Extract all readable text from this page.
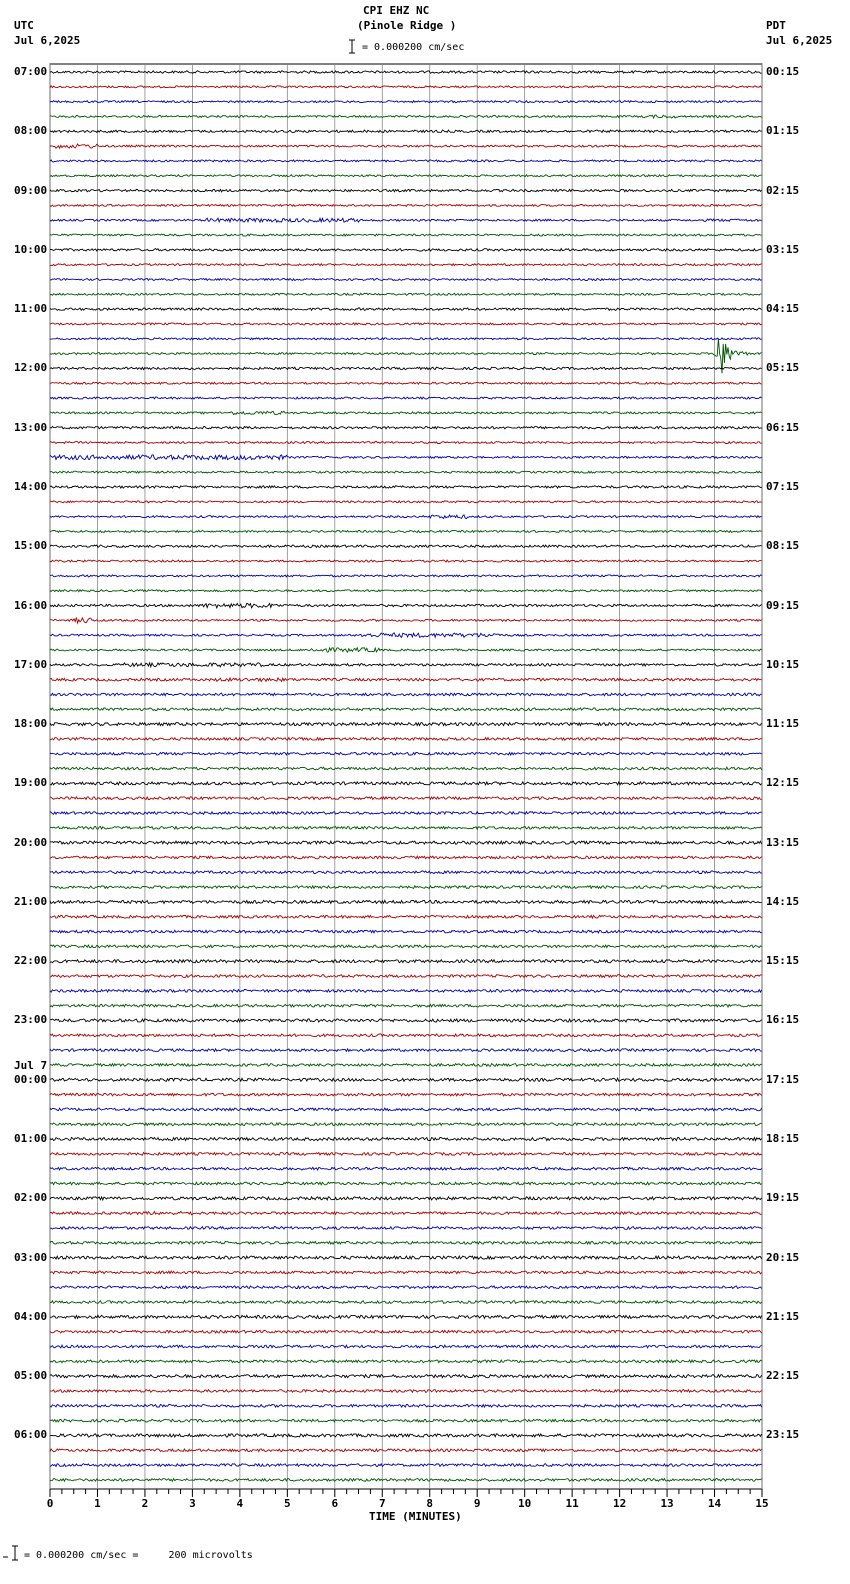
0	1	2	3	4	5	6	7	8	9	10	11	12	13	14	15
CPI EHZ NC
(Pinole Ridge )
= 0.000200 cm/sec
UTC
Jul 6,2025
PDT
Jul 6,2025
07:00
08:00
09:00
10:00
11:00
12:00
13:00
14:00
15:00
16:00
17:00
18:00
19:00
20:00
21:00
22:00
23:00
00:00
01:00
02:00
03:00
04:00
05:00
06:00
Jul 7
00:15
01:15
02:15
03:15
04:15
05:15
06:15
07:15
08:15
09:15
10:15
11:15
12:15
13:15
14:15
15:15
16:15
17:15
18:15
19:15
20:15
21:15
22:15
23:15
TIME (MINUTES)
= 0.000200 cm/sec =     200 microvolts
